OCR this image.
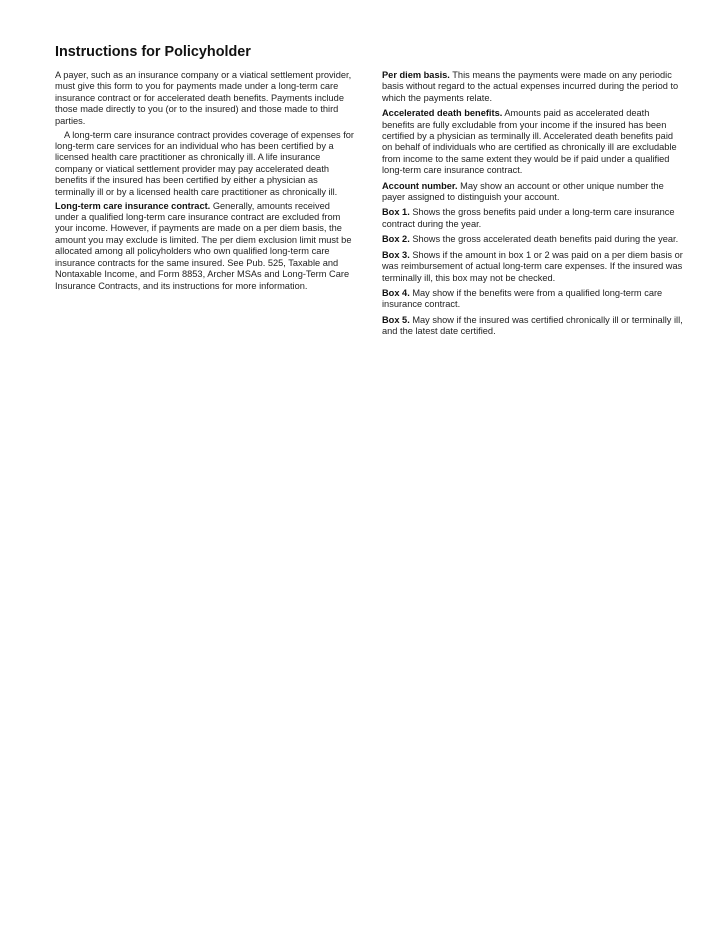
Instructions for Policyholder

A payer, such as an insurance company or a viatical settlement provider, must give this form to you for payments made under a long-term care insurance contract or for accelerated death benefits. Payments include those made directly to you (or to the insured) and those made to third parties.

A long-term care insurance contract provides coverage of expenses for long-term care services for an individual who has been certified by a licensed health care practitioner as chronically ill. A life insurance company or viatical settlement provider may pay accelerated death benefits if the insured has been certified by either a physician as terminally ill or by a licensed health care practitioner as chronically ill.

Long-term care insurance contract. Generally, amounts received under a qualified long-term care insurance contract are excluded from your income. However, if payments are made on a per diem basis, the amount you may exclude is limited. The per diem exclusion limit must be allocated among all policyholders who own qualified long-term care insurance contracts for the same insured. See Pub. 525, Taxable and Nontaxable Income, and Form 8853, Archer MSAs and Long-Term Care Insurance Contracts, and its instructions for more information.

Per diem basis. This means the payments were made on any periodic basis without regard to the actual expenses incurred during the period to which the payments relate.

Accelerated death benefits. Amounts paid as accelerated death benefits are fully excludable from your income if the insured has been certified by a physician as terminally ill. Accelerated death benefits paid on behalf of individuals who are certified as chronically ill are excludable from income to the same extent they would be if paid under a qualified long-term care insurance contract.

Account number. May show an account or other unique number the payer assigned to distinguish your account.

Box 1. Shows the gross benefits paid under a long-term care insurance contract during the year.

Box 2. Shows the gross accelerated death benefits paid during the year.

Box 3. Shows if the amount in box 1 or 2 was paid on a per diem basis or was reimbursement of actual long-term care expenses. If the insured was terminally ill, this box may not be checked.

Box 4. May show if the benefits were from a qualified long-term care insurance contract.

Box 5. May show if the insured was certified chronically ill or terminally ill, and the latest date certified.
